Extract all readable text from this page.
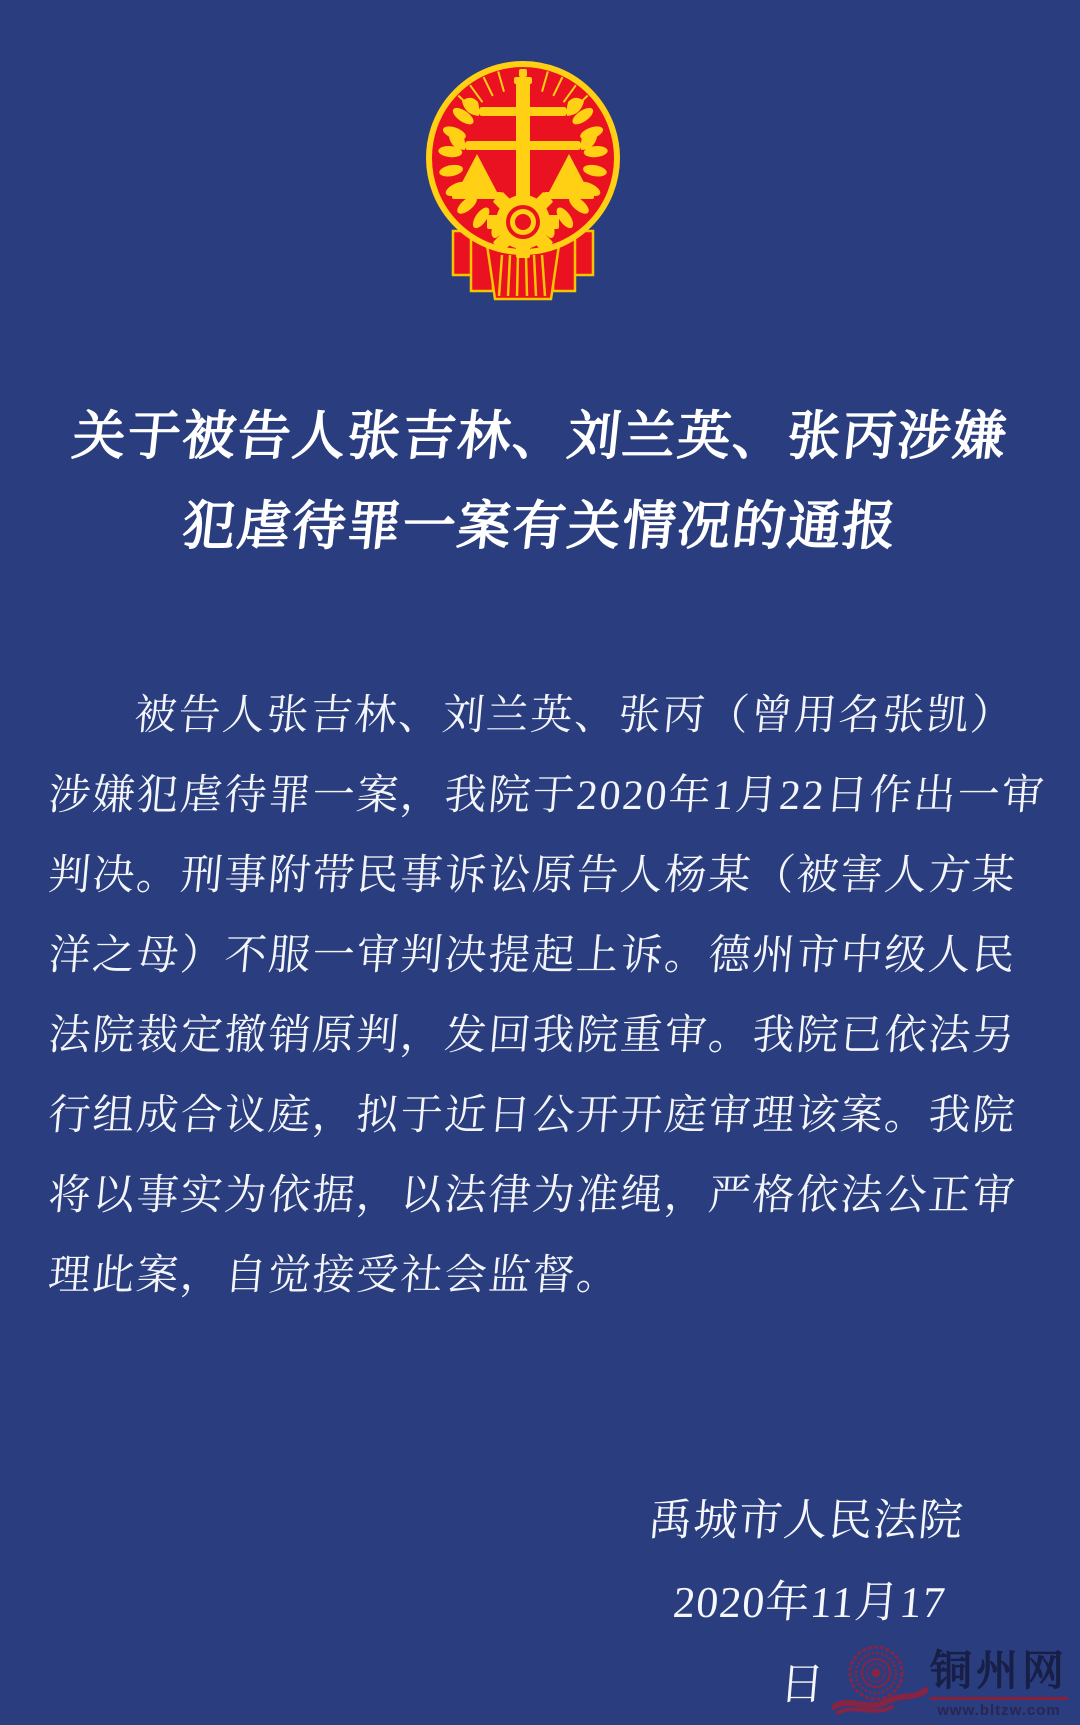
关于被告人张吉林、刘兰英、张丙涉嫌
犯虐待罪一案有关情况的通报
被告人张吉林、刘兰英、张丙（曾用名张凯）
涉嫌犯虐待罪一案，我院于2020年1月22日作出一审
判决。刑事附带民事诉讼原告人杨某（被害人方某
洋之母）不服一审判决提起上诉。德州市中级人民
法院裁定撤销原判，发回我院重审。我院已依法另
行组成合议庭，拟于近日公开开庭审理该案。我院
将以事实为依据，以法律为准绳，严格依法公正审
理此案，自觉接受社会监督。
禹城市人民法院
2020年11月17日	铜州网
www.bltzw.com
